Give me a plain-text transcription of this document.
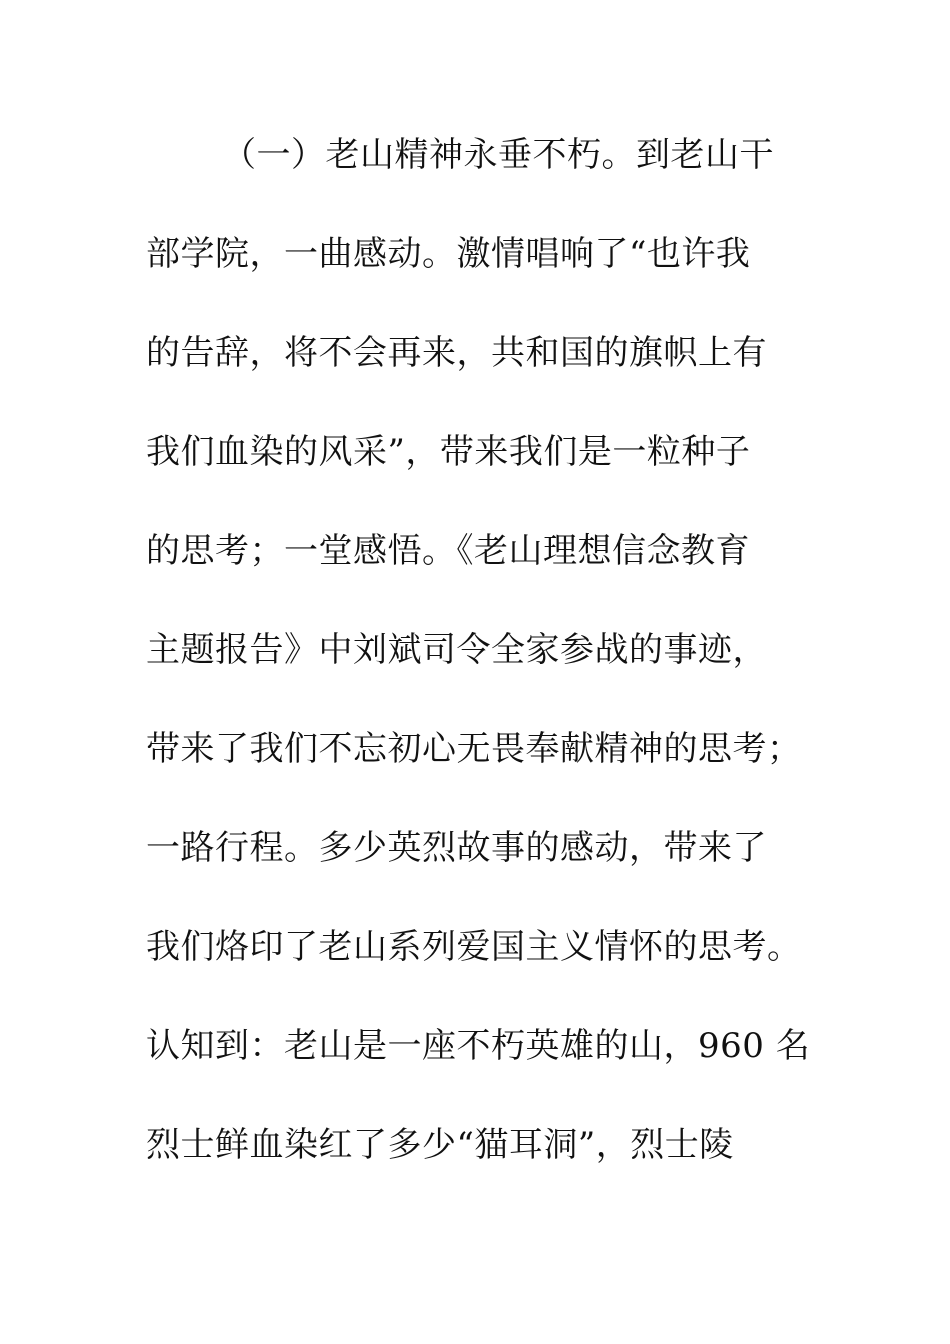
（一）老山精神永垂不朽。到老山干
部学院，一曲感动。激情唱响了“也许我
的告辞，将不会再来，共和国的旗帜上有
我们血染的风采”，带来我们是一粒种子
的思考；一堂感悟。《老山理想信念教育
主题报告》中刘斌司令全家参战的事迹，
带来了我们不忘初心无畏奉献精神的思考；
一路行程。多少英烈故事的感动，带来了
我们烙印了老山系列爱国主义情怀的思考。
认知到：老山是一座不朽英雄的山，960 名
烈士鲜血染红了多少“猫耳洞”，烈士陵
